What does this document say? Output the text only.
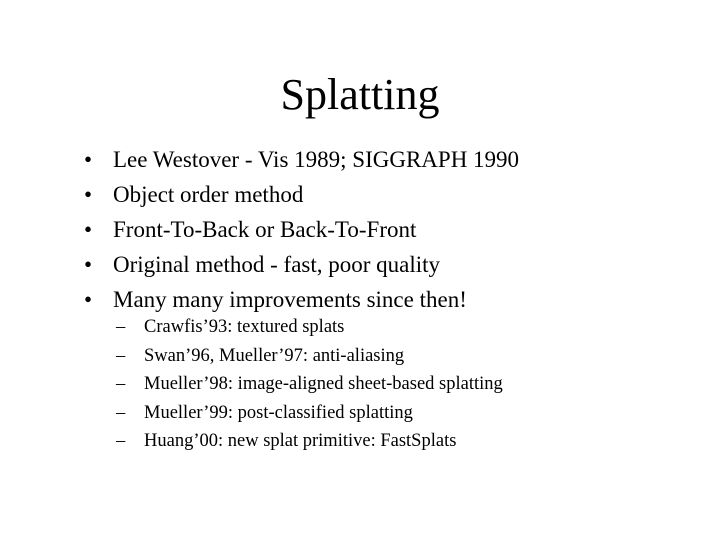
Splatting
• Lee Westover - Vis 1989; SIGGRAPH 1990
• Object order method
• Front-To-Back or Back-To-Front
• Original method - fast, poor quality
• Many many improvements since then!
– Crawfis’93: textured splats
– Swan’96, Mueller’97: anti-aliasing
– Mueller’98: image-aligned sheet-based splatting
– Mueller’99: post-classified splatting
– Huang’00: new splat primitive: FastSplats
